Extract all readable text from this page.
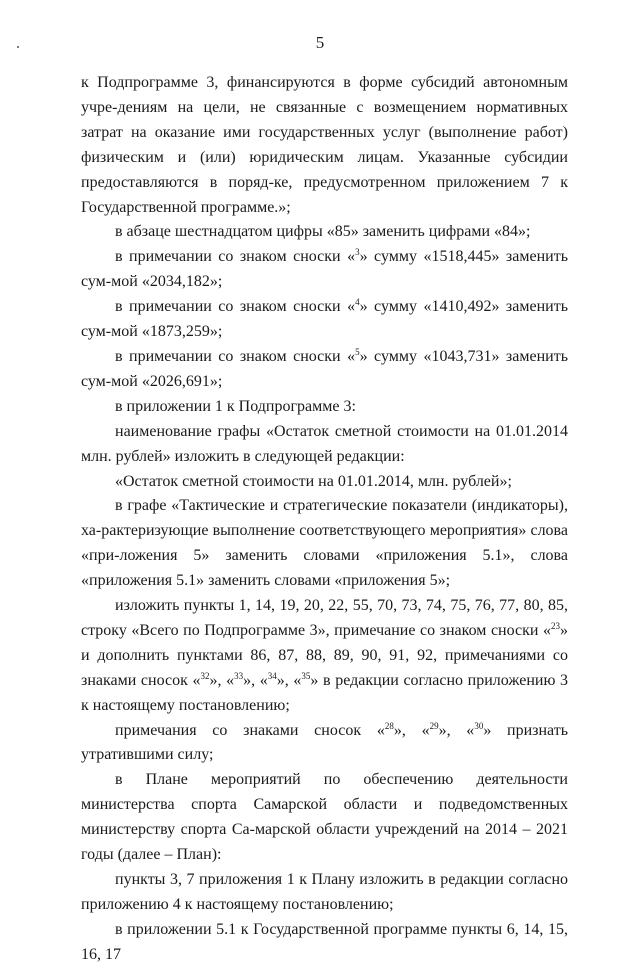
5

к Подпрограмме 3, финансируются в форме субсидий автономным учре-дениям на цели, не связанные с возмещением нормативных затрат на оказание ими государственных услуг (выполнение работ) физическим и (или) юридическим лицам. Указанные субсидии предоставляются в поряд-ке, предусмотренном приложением 7 к Государственной программе.»;

в абзаце шестнадцатом цифры «85» заменить цифрами «84»;

в примечании со знаком сноски «$^3$» сумму «1518,445» заменить сум-мой «2034,182»;

в примечании со знаком сноски «$^4$» сумму «1410,492» заменить сум-мой «1873,259»;

в примечании со знаком сноски «$^5$» сумму «1043,731» заменить сум-мой «2026,691»;

в приложении 1 к Подпрограмме 3:

наименование графы «Остаток сметной стоимости на 01.01.2014 млн. рублей» изложить в следующей редакции:

«Остаток сметной стоимости на 01.01.2014, млн. рублей»;

в графе «Тактические и стратегические показатели (индикаторы), ха-рактеризующие выполнение соответствующего мероприятия» слова «при-ложения 5» заменить словами «приложения 5.1», слова «приложения 5.1» заменить словами «приложения 5»;

изложить пункты 1, 14, 19, 20, 22, 55, 70, 73, 74, 75, 76, 77, 80, 85, строку «Всего по Подпрограмме 3», примечание со знаком сноски «$^{23}$» и дополнить пунктами 86, 87, 88, 89, 90, 91, 92, примечаниями со знаками сносок «$^{32}$», «$^{33}$», «$^{34}$», «$^{35}$» в редакции согласно приложению 3 к настоящему постановлению;

примечания со знаками сносок «$^{28}$», «$^{29}$», «$^{30}$» признать утратившими силу;

в Плане мероприятий по обеспечению деятельности министерства спорта Самарской области и подведомственных министерству спорта Са-марской области учреждений на 2014 – 2021 годы (далее – План):

пункты 3, 7 приложения 1 к Плану изложить в редакции согласно приложению 4 к настоящему постановлению;

в приложении 5.1 к Государственной программе пункты 6, 14, 15, 16, 17
